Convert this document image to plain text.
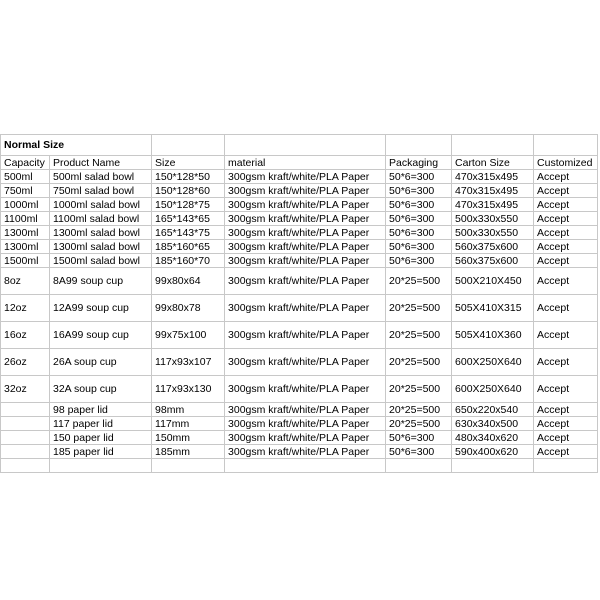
Normal Size						
Capacity	Product Name	Size	material	Packaging	Carton Size	Customized
500ml	500ml salad bowl	150*128*50	300gsm kraft/white/PLA Paper	50*6=300	470x315x495	Accept
750ml	750ml salad bowl	150*128*60	300gsm kraft/white/PLA Paper	50*6=300	470x315x495	Accept
1000ml	1000ml salad bowl	150*128*75	300gsm kraft/white/PLA Paper	50*6=300	470x315x495	Accept
1100ml	1100ml salad bowl	165*143*65	300gsm kraft/white/PLA Paper	50*6=300	500x330x550	Accept
1300ml	1300ml salad bowl	165*143*75	300gsm kraft/white/PLA Paper	50*6=300	500x330x550	Accept
1300ml	1300ml salad bowl	185*160*65	300gsm kraft/white/PLA Paper	50*6=300	560x375x600	Accept
1500ml	1500ml salad bowl	185*160*70	300gsm kraft/white/PLA Paper	50*6=300	560x375x600	Accept
8oz	8A99 soup cup	99x80x64	300gsm kraft/white/PLA Paper	20*25=500	500X210X450	Accept
12oz	12A99 soup cup	99x80x78	300gsm kraft/white/PLA Paper	20*25=500	505X410X315	Accept
16oz	16A99 soup cup	99x75x100	300gsm kraft/white/PLA Paper	20*25=500	505X410X360	Accept
26oz	26A soup cup	117x93x107	300gsm kraft/white/PLA Paper	20*25=500	600X250X640	Accept
32oz	32A soup cup	117x93x130	300gsm kraft/white/PLA Paper	20*25=500	600X250X640	Accept
	98 paper lid	98mm	300gsm kraft/white/PLA Paper	20*25=500	650x220x540	Accept
	117 paper lid	117mm	300gsm kraft/white/PLA Paper	20*25=500	630x340x500	Accept
	150 paper lid	150mm	300gsm kraft/white/PLA Paper	50*6=300	480x340x620	Accept
	185 paper lid	185mm	300gsm kraft/white/PLA Paper	50*6=300	590x400x620	Accept
